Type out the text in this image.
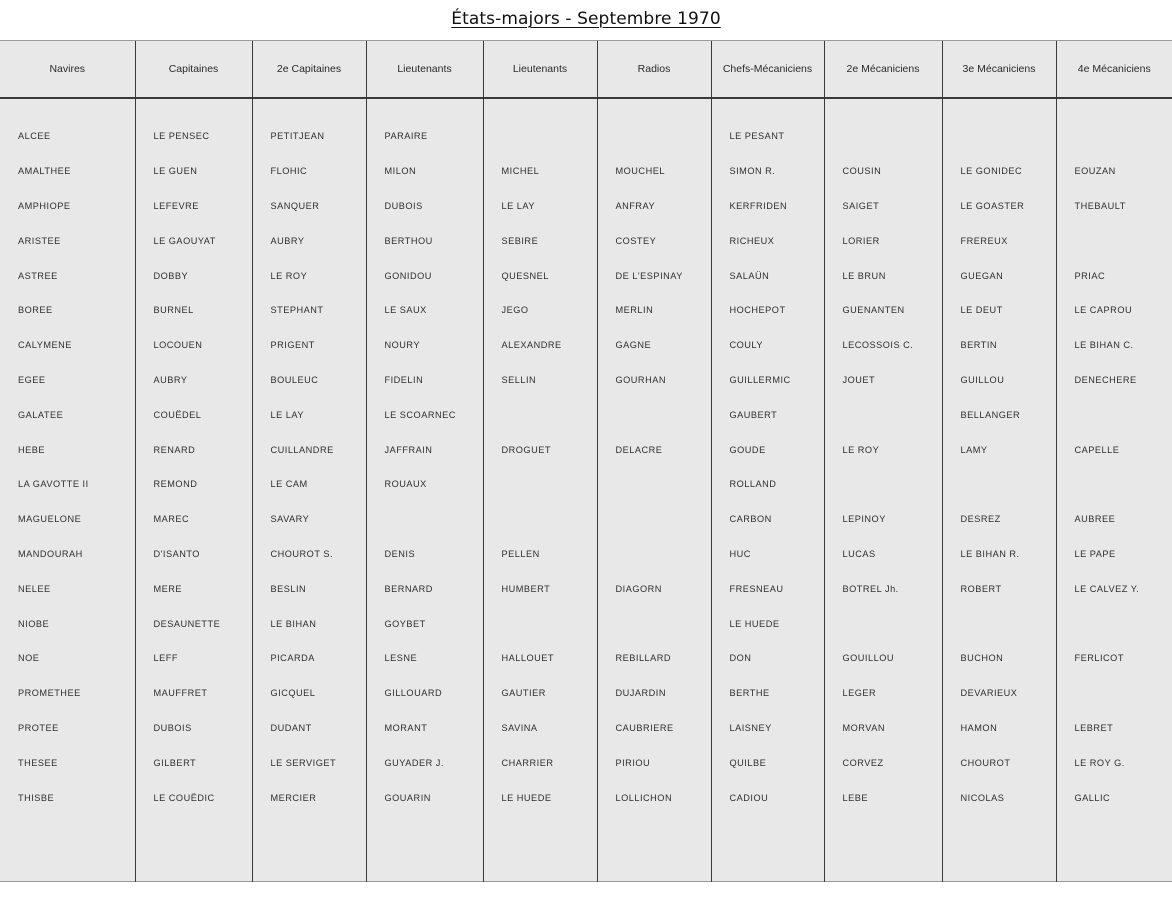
États-majors - Septembre 1970
Navires	Capitaines	2e Capitaines	Lieutenants	Lieutenants	Radios	Chefs-Mécaniciens	2e Mécaniciens	3e Mécaniciens	4e Mécaniciens

ALCEE	LE PENSEC	PETITJEAN	PARAIRE			LE PESANT			
AMALTHEE	LE GUEN	FLOHIC	MILON	MICHEL	MOUCHEL	SIMON R.	COUSIN	LE GONIDEC	EOUZAN
AMPHIOPE	LEFEVRE	SANQUER	DUBOIS	LE LAY	ANFRAY	KERFRIDEN	SAIGET	LE GOASTER	THEBAULT
ARISTEE	LE GAOUYAT	AUBRY	BERTHOU	SEBIRE	COSTEY	RICHEUX	LORIER	FREREUX	
ASTREE	DOBBY	LE ROY	GONIDOU	QUESNEL	DE L'ESPINAY	SALAÜN	LE BRUN	GUEGAN	PRIAC
BOREE	BURNEL	STEPHANT	LE SAUX	JEGO	MERLIN	HOCHEPOT	GUENANTEN	LE DEUT	LE CAPROU
CALYMENE	LOCOUEN	PRIGENT	NOURY	ALEXANDRE	GAGNE	COULY	LECOSSOIS C.	BERTIN	LE BIHAN C.
EGEE	AUBRY	BOULEUC	FIDELIN	SELLIN	GOURHAN	GUILLERMIC	JOUET	GUILLOU	DENECHERE
GALATEE	COUËDEL	LE LAY	LE SCOARNEC			GAUBERT		BELLANGER	
HEBE	RENARD	CUILLANDRE	JAFFRAIN	DROGUET	DELACRE	GOUDE	LE ROY	LAMY	CAPELLE
LA GAVOTTE II	REMOND	LE CAM	ROUAUX			ROLLAND			
MAGUELONE	MAREC	SAVARY				CARBON	LEPINOY	DESREZ	AUBREE
MANDOURAH	D'ISANTO	CHOUROT S.	DENIS	PELLEN		HUC	LUCAS	LE BIHAN R.	LE PAPE
NELEE	MERE	BESLIN	BERNARD	HUMBERT	DIAGORN	FRESNEAU	BOTREL Jh.	ROBERT	LE CALVEZ Y.
NIOBE	DESAUNETTE	LE BIHAN	GOYBET			LE HUEDE			
NOE	LEFF	PICARDA	LESNE	HALLOUET	REBILLARD	DON	GOUILLOU	BUCHON	FERLICOT
PROMETHEE	MAUFFRET	GICQUEL	GILLOUARD	GAUTIER	DUJARDIN	BERTHE	LEGER	DEVARIEUX	
PROTEE	DUBOIS	DUDANT	MORANT	SAVINA	CAUBRIERE	LAISNEY	MORVAN	HAMON	LEBRET
THESEE	GILBERT	LE SERVIGET	GUYADER J.	CHARRIER	PIRIOU	QUILBE	CORVEZ	CHOUROT	LE ROY G.
THISBE	LE COUËDIC	MERCIER	GOUARIN	LE HUEDE	LOLLICHON	CADIOU	LEBE	NICOLAS	GALLIC
